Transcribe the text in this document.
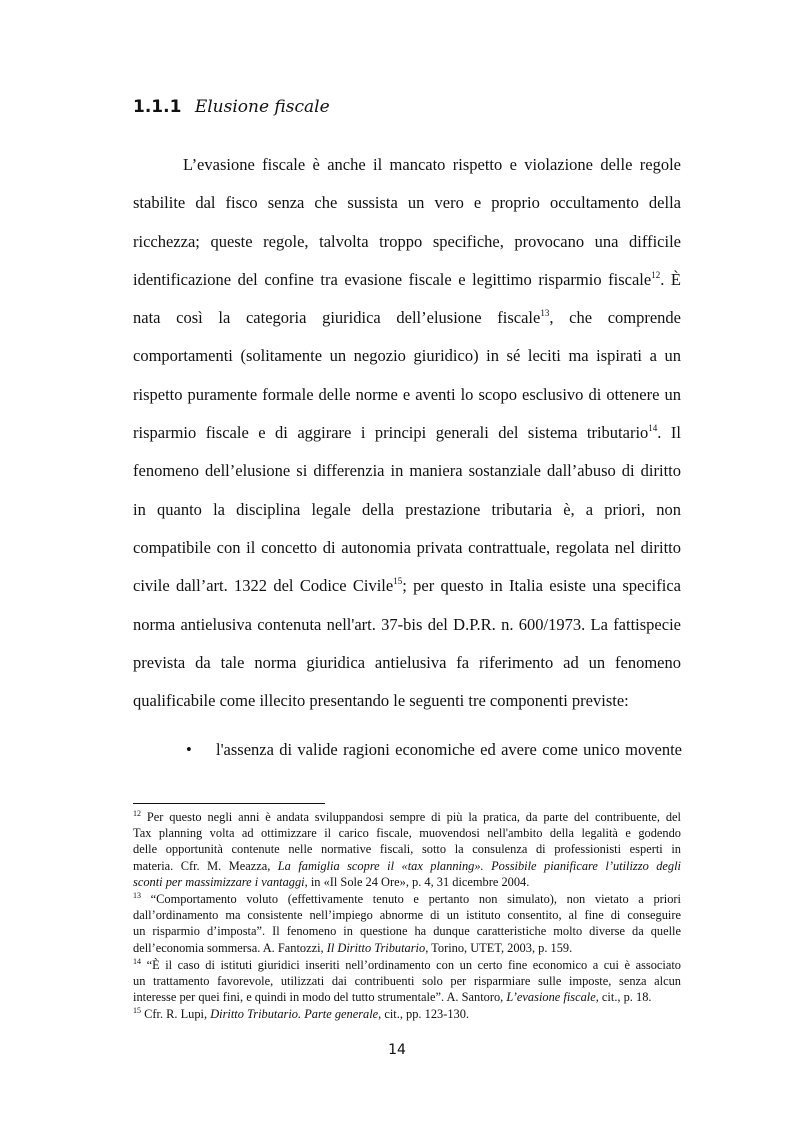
1.1.1 Elusione fiscale
L’evasione fiscale è anche il mancato rispetto e violazione delle regole
stabilite dal fisco senza che sussista un vero e proprio occultamento della
ricchezza; queste regole, talvolta troppo specifiche, provocano una difficile
identificazione del confine tra evasione fiscale e legittimo risparmio fiscale$^{12}$. È
nata così la categoria giuridica dell’elusione fiscale$^{13}$, che comprende
comportamenti (solitamente un negozio giuridico) in sé leciti ma ispirati a un
rispetto puramente formale delle norme e aventi lo scopo esclusivo di ottenere un
risparmio fiscale e di aggirare i principi generali del sistema tributario$^{14}$. Il
fenomeno dell’elusione si differenzia in maniera sostanziale dall’abuso di diritto
in quanto la disciplina legale della prestazione tributaria è, a priori, non
compatibile con il concetto di autonomia privata contrattuale, regolata nel diritto
civile dall’art. 1322 del Codice Civile$^{15}$; per questo in Italia esiste una specifica
norma antielusiva contenuta nell'art. 37-bis del D.P.R. n. 600/1973. La fattispecie
prevista da tale norma giuridica antielusiva fa riferimento ad un fenomeno
qualificabile come illecito presentando le seguenti tre componenti previste:
•	l'assenza di valide ragioni economiche ed avere come unico movente
$^{12}$ Per questo negli anni è andata sviluppandosi sempre di più la pratica, da parte del contribuente, del
Tax planning volta ad ottimizzare il carico fiscale, muovendosi nell'ambito della legalità e godendo
delle opportunità contenute nelle normative fiscali, sotto la consulenza di professionisti esperti in
materia. Cfr. M. Meazza, La famiglia scopre il «tax planning». Possibile pianificare l’utilizzo degli
sconti per massimizzare i vantaggi, in «Il Sole 24 Ore», p. 4, 31 dicembre 2004.
$^{13}$ “Comportamento voluto (effettivamente tenuto e pertanto non simulato), non vietato a priori
dall’ordinamento ma consistente nell’impiego abnorme di un istituto consentito, al fine di conseguire
un risparmio d’imposta”. Il fenomeno in questione ha dunque caratteristiche molto diverse da quelle
dell’economia sommersa. A. Fantozzi, Il Diritto Tributario, Torino, UTET, 2003, p. 159.
$^{14}$ “È il caso di istituti giuridici inseriti nell’ordinamento con un certo fine economico a cui è associato
un trattamento favorevole, utilizzati dai contribuenti solo per risparmiare sulle imposte, senza alcun
interesse per quei fini, e quindi in modo del tutto strumentale”. A. Santoro, L’evasione fiscale, cit., p. 18.
$^{15}$ Cfr. R. Lupi, Diritto Tributario. Parte generale, cit., pp. 123-130.
14
